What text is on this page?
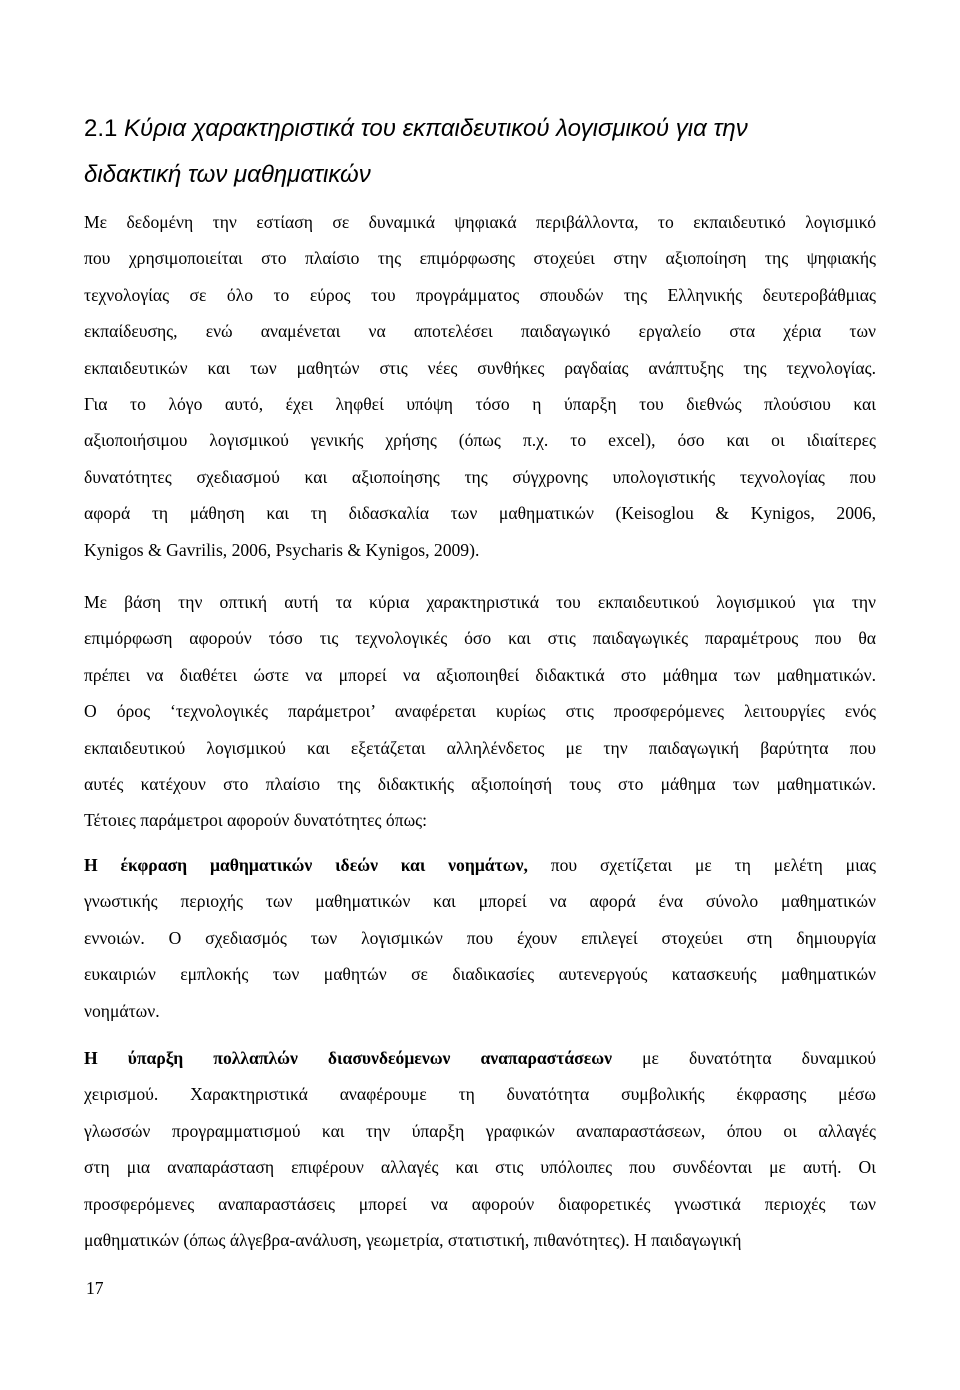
2.1 Κύρια χαρακτηριστικά του εκπαιδευτικού λογισμικού για την
διδακτική των μαθηματικών
Με δεδομένη την εστίαση σε δυναμικά ψηφιακά περιβάλλοντα, το εκπαιδευτικό λογισμικό
που χρησιμοποιείται στο πλαίσιο της επιμόρφωσης στοχεύει στην αξιοποίηση της ψηφιακής
τεχνολογίας σε όλο το εύρος του προγράμματος σπουδών της Ελληνικής δευτεροβάθμιας
εκπαίδευσης, ενώ αναμένεται να αποτελέσει παιδαγωγικό εργαλείο στα χέρια των
εκπαιδευτικών και των μαθητών στις νέες συνθήκες ραγδαίας ανάπτυξης της τεχνολογίας.
Για το λόγο αυτό, έχει ληφθεί υπόψη τόσο η ύπαρξη του διεθνώς πλούσιου και
αξιοποιήσιμου λογισμικού γενικής χρήσης (όπως π.χ. το excel), όσο και οι ιδιαίτερες
δυνατότητες σχεδιασμού και αξιοποίησης της σύγχρονης υπολογιστικής τεχνολογίας που
αφορά τη μάθηση και τη διδασκαλία των μαθηματικών (Keisoglou & Kynigos, 2006,
Kynigos & Gavrilis, 2006, Psycharis & Kynigos, 2009).
Με βάση την οπτική αυτή τα κύρια χαρακτηριστικά του εκπαιδευτικού λογισμικού για την
επιμόρφωση αφορούν τόσο τις τεχνολογικές όσο και στις παιδαγωγικές παραμέτρους που θα
πρέπει να διαθέτει ώστε να μπορεί να αξιοποιηθεί διδακτικά στο μάθημα των μαθηματικών.
Ο όρος ‘τεχνολογικές παράμετροι’ αναφέρεται κυρίως στις προσφερόμενες λειτουργίες ενός
εκπαιδευτικού λογισμικού και εξετάζεται αλληλένδετος με την παιδαγωγική βαρύτητα που
αυτές κατέχουν στο πλαίσιο της διδακτικής αξιοποίησή τους στο μάθημα των μαθηματικών.
Τέτοιες παράμετροι αφορούν δυνατότητες όπως:
Η έκφραση μαθηματικών ιδεών και νοημάτων, που σχετίζεται με τη μελέτη μιας
γνωστικής περιοχής των μαθηματικών και μπορεί να αφορά ένα σύνολο μαθηματικών
εννοιών. Ο σχεδιασμός των λογισμικών που έχουν επιλεγεί στοχεύει στη δημιουργία
ευκαιριών εμπλοκής των μαθητών σε διαδικασίες αυτενεργούς κατασκευής μαθηματικών
νοημάτων.
Η ύπαρξη πολλαπλών διασυνδεόμενων αναπαραστάσεων με δυνατότητα δυναμικού
χειρισμού. Χαρακτηριστικά αναφέρουμε τη δυνατότητα συμβολικής έκφρασης μέσω
γλωσσών προγραμματισμού και την ύπαρξη γραφικών αναπαραστάσεων, όπου οι αλλαγές
στη μια αναπαράσταση επιφέρουν αλλαγές και στις υπόλοιπες που συνδέονται με αυτή. Οι
προσφερόμενες αναπαραστάσεις μπορεί να αφορούν διαφορετικές γνωστικά περιοχές των
μαθηματικών (όπως άλγεβρα-ανάλυση, γεωμετρία, στατιστική, πιθανότητες). Η παιδαγωγική
17
